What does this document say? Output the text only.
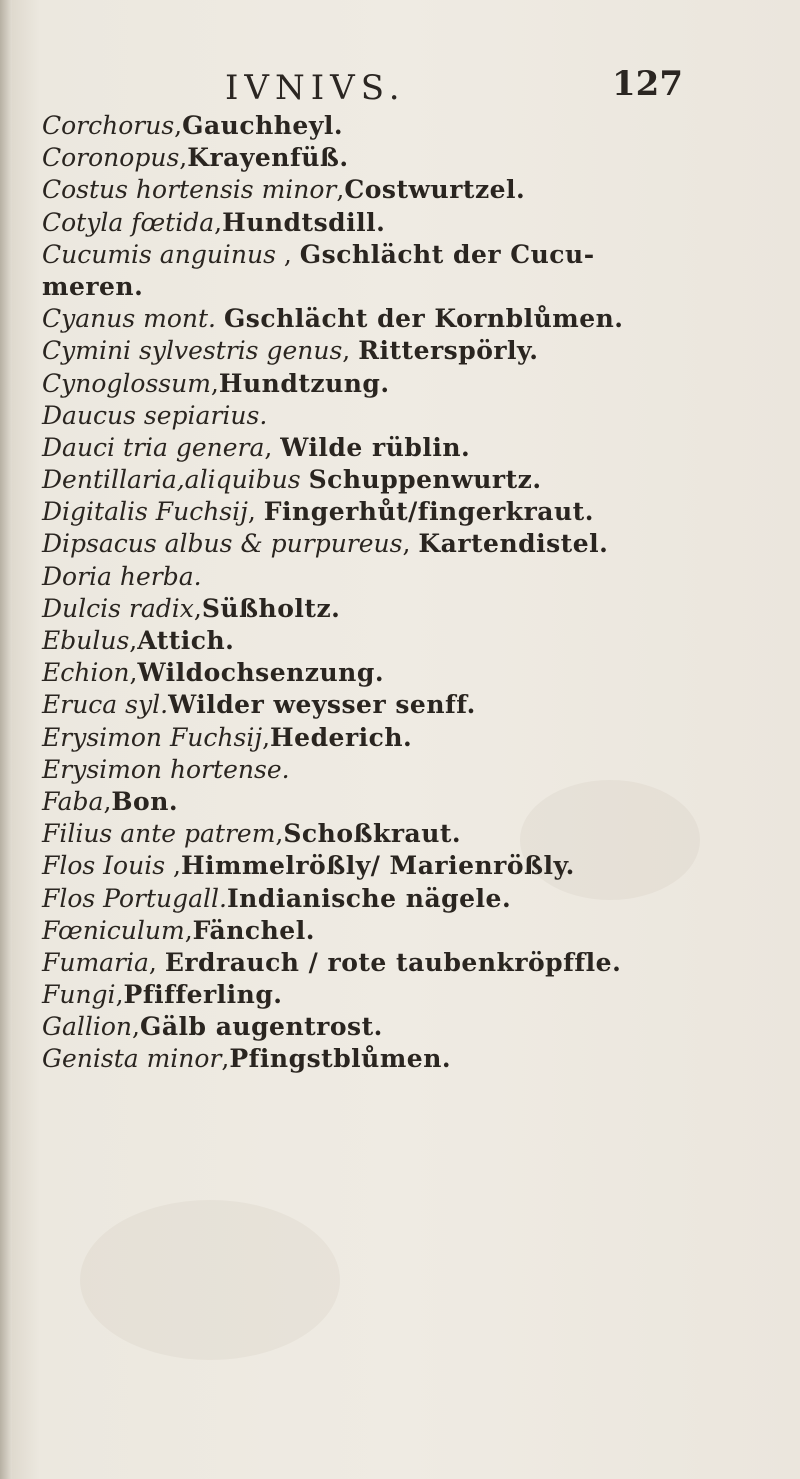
IVNIVS.	127
Corchorus,Gauchheyl.
Coronopus,Krayenfüß.
Costus hortensis minor,Costwurtzel.
Cotyla fœtida,Hundtsdill.
Cucumis anguinus , Gschlächt der Cucu-
meren.
Cyanus mont. Gschlächt der Kornblůmen.
Cymini sylvestris genus, Ritterspörly.
Cynoglossum,Hundtzung.
Daucus sepiarius.
Dauci tria genera, Wilde rüblin.
Dentillaria,aliquibus Schuppenwurtz.
Digitalis Fuchsij, Fingerhůt/fingerkraut.
Dipsacus albus & purpureus, Kartendistel.
Doria herba.
Dulcis radix,Süßholtz.
Ebulus,Attich.
Echion,Wildochsenzung.
Eruca syl.Wilder weysser senff.
Erysimon Fuchsij,Hederich.
Erysimon hortense.
Faba,Bon.
Filius ante patrem,Schoßkraut.
Flos Iouis ,Himmelrößly/ Marienrößly.
Flos Portugall.Indianische nägele.
Fœniculum,Fänchel.
Fumaria, Erdrauch / rote taubenkröpffle.
Fungi,Pfifferling.
Gallion,Gälb augentrost.
Genista minor,Pfingstblůmen.
